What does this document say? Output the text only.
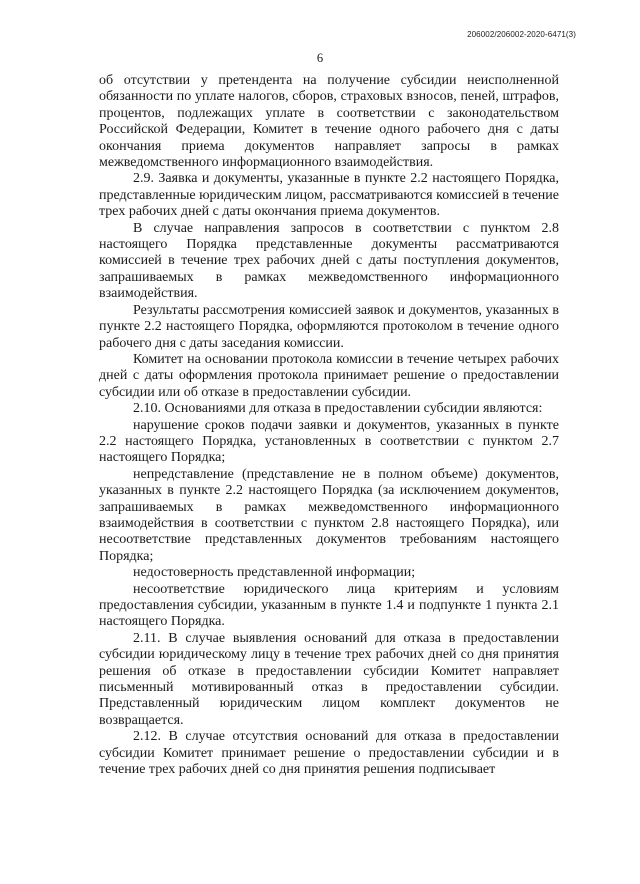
206002/206002-2020-6471(3)
6

об отсутствии у претендента на получение субсидии неисполненной обязанности по уплате налогов, сборов, страховых взносов, пеней, штрафов, процентов, подлежащих уплате в соответствии с законодательством Российской Федерации, Комитет в течение одного рабочего дня с даты окончания приема документов направляет запросы в рамках межведомственного информационного взаимодействия.

2.9. Заявка и документы, указанные в пункте 2.2 настоящего Порядка, представленные юридическим лицом, рассматриваются комиссией в течение трех рабочих дней с даты окончания приема документов.

В случае направления запросов в соответствии с пунктом 2.8 настоящего Порядка представленные документы рассматриваются комиссией в течение трех рабочих дней с даты поступления документов, запрашиваемых в рамках межведомственного информационного взаимодействия.

Результаты рассмотрения комиссией заявок и документов, указанных в пункте 2.2 настоящего Порядка, оформляются протоколом в течение одного рабочего дня с даты заседания комиссии.

Комитет на основании протокола комиссии в течение четырех рабочих дней с даты оформления протокола принимает решение о предоставлении субсидии или об отказе в предоставлении субсидии.

2.10. Основаниями для отказа в предоставлении субсидии являются:

нарушение сроков подачи заявки и документов, указанных в пункте 2.2 настоящего Порядка, установленных в соответствии с пунктом 2.7 настоящего Порядка;

непредставление (представление не в полном объеме) документов, указанных в пункте 2.2 настоящего Порядка (за исключением документов, запрашиваемых в рамках межведомственного информационного взаимодействия в соответствии с пунктом 2.8 настоящего Порядка), или несоответствие представленных документов требованиям настоящего Порядка;

недостоверность представленной информации;

несоответствие юридического лица критериям и условиям предоставления субсидии, указанным в пункте 1.4 и подпункте 1 пункта 2.1 настоящего Порядка.

2.11. В случае выявления оснований для отказа в предоставлении субсидии юридическому лицу в течение трех рабочих дней со дня принятия решения об отказе в предоставлении субсидии Комитет направляет письменный мотивированный отказ в предоставлении субсидии. Представленный юридическим лицом комплект документов не возвращается.

2.12. В случае отсутствия оснований для отказа в предоставлении субсидии Комитет принимает решение о предоставлении субсидии и в течение трех рабочих дней со дня принятия решения подписывает
